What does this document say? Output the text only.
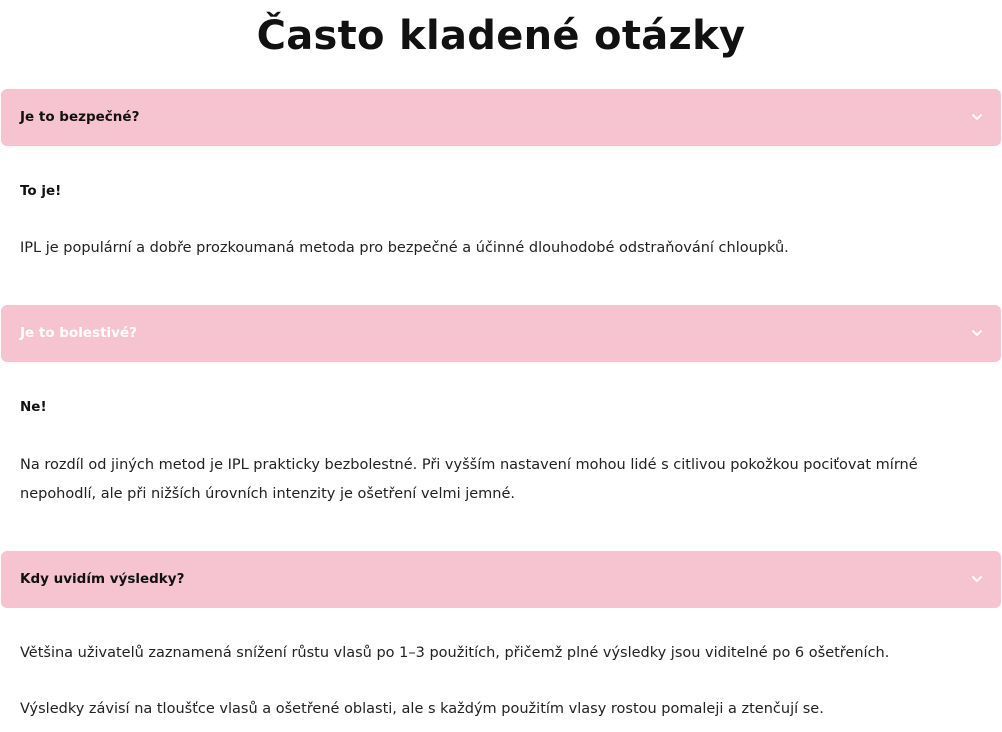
Často kladené otázky
Je to bezpečné?

To je!

IPL je populární a dobře prozkoumaná metoda pro bezpečné a účinné dlouhodobé odstraňování chloupků.

Je to bolestivé?

Ne!

Na rozdíl od jiných metod je IPL prakticky bezbolestné. Při vyšším nastavení mohou lidé s citlivou pokožkou pociťovat mírné

nepohodlí, ale při nižších úrovních intenzity je ošetření velmi jemné.

Kdy uvidím výsledky?

Většina uživatelů zaznamená snížení růstu vlasů po 1–3 použitích, přičemž plné výsledky jsou viditelné po 6 ošetřeních.

Výsledky závisí na tloušťce vlasů a ošetřené oblasti, ale s každým použitím vlasy rostou pomaleji a ztenčují se.
